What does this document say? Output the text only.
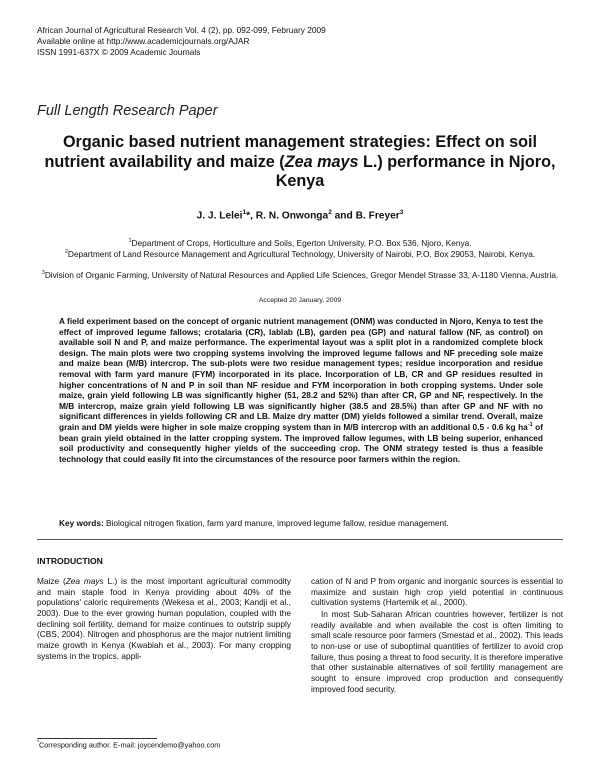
African Journal of Agricultural Research Vol. 4 (2), pp. 092-099, February 2009
Available online at http://www.academicjournals.org/AJAR
ISSN 1991-637X © 2009 Academic Journals
Full Length Research Paper
Organic based nutrient management strategies: Effect on soil nutrient availability and maize (Zea mays L.) performance in Njoro, Kenya
J. J. Lelei$^1$*, R. N. Onwonga$^2$ and B. Freyer$^3$
$^1$Department of Crops, Horticulture and Soils, Egerton University, P.O. Box 536, Njoro, Kenya.
$^2$Department of Land Resource Management and Agricultural Technology, University of Nairobi, P.O. Box 29053, Nairobi, Kenya.
$^3$Division of Organic Farming, University of Natural Resources and Applied Life Sciences, Gregor Mendel Strasse 33, A-1180 Vienna, Austria.
Accepted 20 January, 2009
A field experiment based on the concept of organic nutrient management (ONM) was conducted in Njoro, Kenya to test the effect of improved legume fallows; crotalaria (CR), lablab (LB), garden pea (GP) and natural fallow (NF, as control) on available soil N and P, and maize performance. The experimental layout was a split plot in a randomized complete block design. The main plots were two cropping systems involving the improved legume fallows and NF preceding sole maize and maize bean (M/B) intercrop. The sub-plots were two residue management types; residue incorporation and residue removal with farm yard manure (FYM) incorporated in its place. Incorporation of LB, CR and GP residues resulted in higher concentrations of N and P in soil than NF residue and FYM incorporation in both cropping systems. Under sole maize, grain yield following LB was significantly higher (51, 28.2 and 52%) than after CR, GP and NF, respectively. In the M/B intercrop, maize grain yield following LB was significantly higher (38.5 and 28.5%) than after GP and NF with no significant differences in yields following CR and LB. Maize dry matter (DM) yields followed a similar trend. Overall, maize grain and DM yields were higher in sole maize cropping system than in M/B intercrop with an additional 0.5 - 0.6 kg $ha^{-1}$ of bean grain yield obtained in the latter cropping system. The improved fallow legumes, with LB being superior, enhanced soil productivity and consequently higher yields of the succeeding crop. The ONM strategy tested is thus a feasible technology that could easily fit into the circumstances of the resource poor farmers within the region.
Key words: Biological nitrogen fixation, farm yard manure, improved legume fallow, residue management.
INTRODUCTION

Maize (Zea mays L.) is the most important agricultural commodity and main staple food in Kenya providing about 40% of the populations' caloric requirements (Wekesa et al., 2003; Kandji et al., 2003). Due to the ever growing human population, coupled with the declining soil fertility, demand for maize continues to outstrip supply (CBS, 2004). Nitrogen and phosphorus are the major nutrient limiting maize growth in Kenya (Kwabiah et al., 2003). For many cropping systems in the tropics, appli-

cation of N and P from organic and inorganic sources is essential to maximize and sustain high crop yield potential in continuous cultivation systems (Hartemik et al., 2000).

In most Sub-Saharan African countries however, fertilizer is not readily available and when available the cost is often limiting to small scale resource poor farmers (Smestad et al., 2002). This leads to non-use or use of suboptimal quantities of fertilizer to avoid crop failure, thus posing a threat to food security. It is therefore imperative that other sustainable alternatives of soil fertility management are sought to ensure improved crop production and consequently improved food security.

*Corresponding author. E-mail: joycendemo@yahoo.com
